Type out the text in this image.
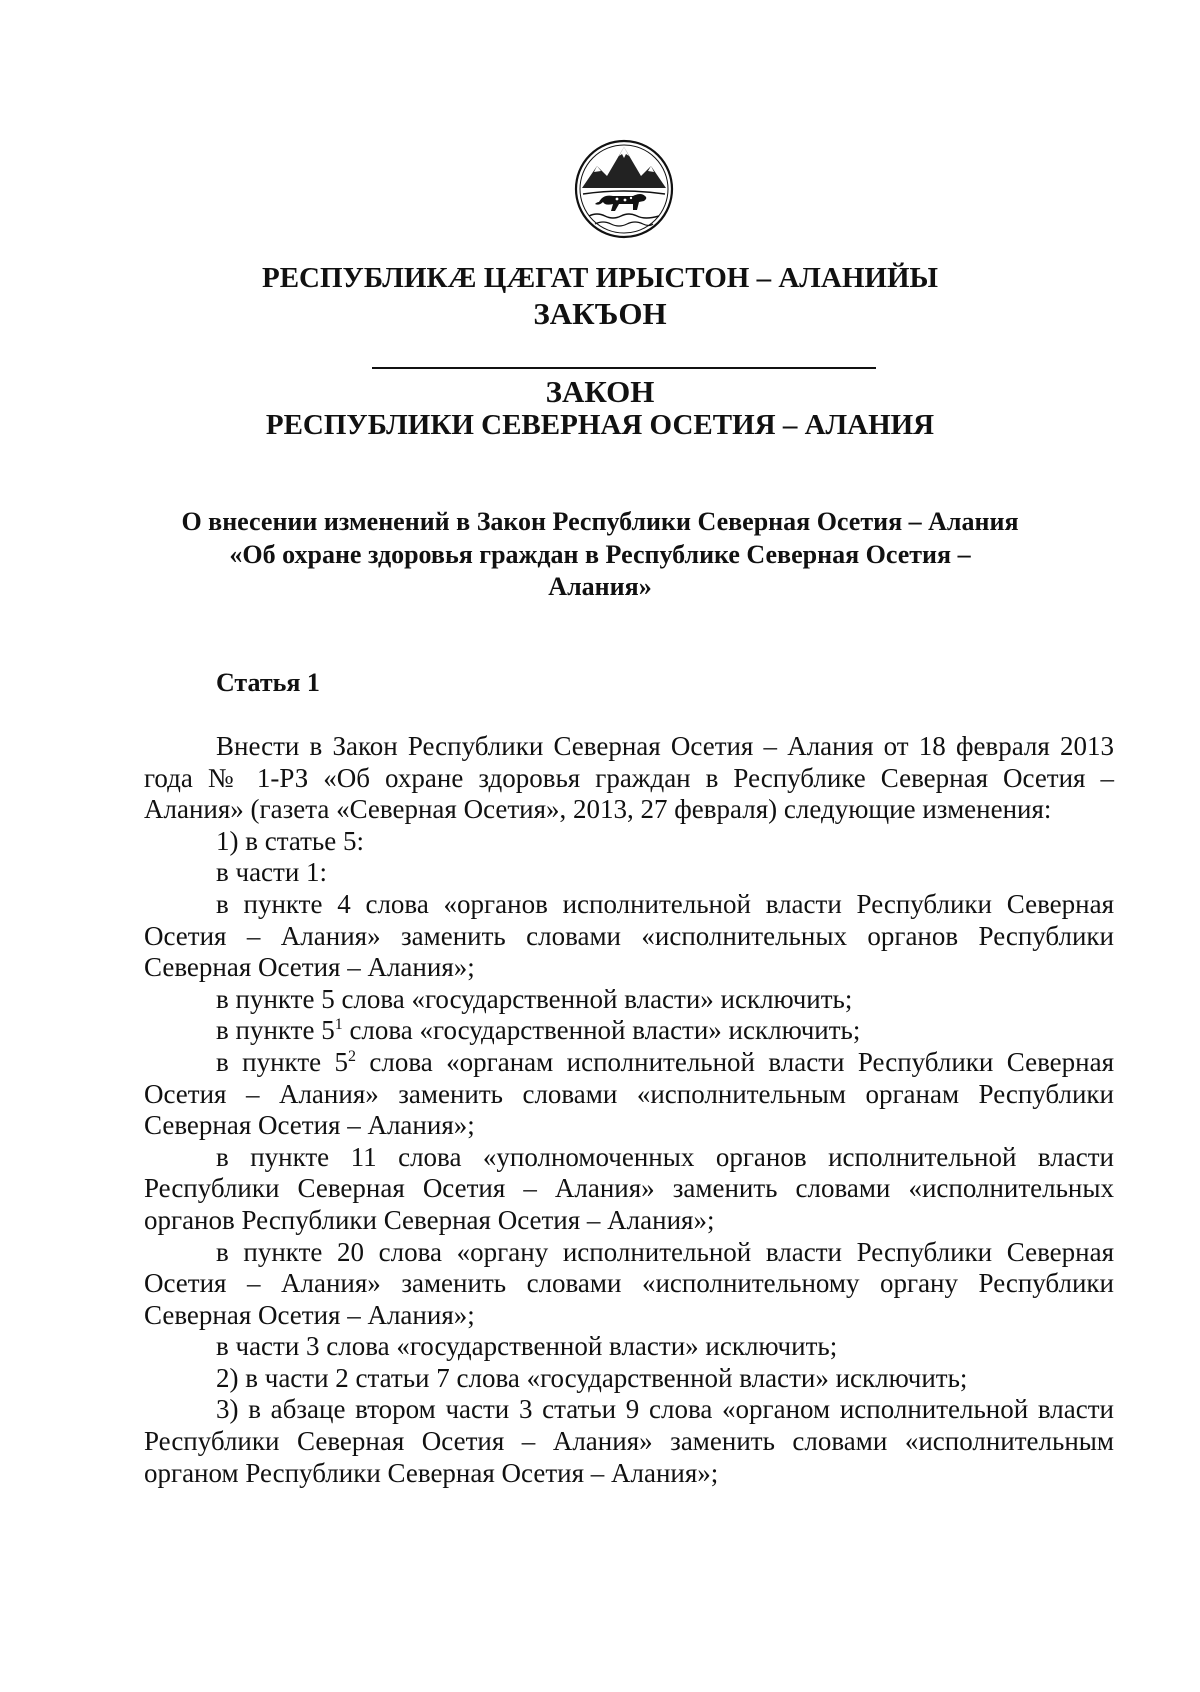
РЕСПУБЛИКÆ ЦÆГАТ ИРЫСТОН – АЛАНИЙЫ
ЗАКЪОН
ЗАКОН
РЕСПУБЛИКИ СЕВЕРНАЯ ОСЕТИЯ – АЛАНИЯ
О внесении изменений в Закон Республики Северная Осетия – Алания «Об охране здоровья граждан в Республике Северная Осетия – Алания»
Статья 1

Внести в Закон Республики Северная Осетия – Алания от 18 февраля 2013 года № 1-РЗ «Об охране здоровья граждан в Республике Северная Осетия – Алания» (газета «Северная Осетия», 2013, 27 февраля) следующие изменения:

1) в статье 5:

в части 1:

в пункте 4 слова «органов исполнительной власти Республики Северная Осетия – Алания» заменить словами «исполнительных органов Республики Северная Осетия – Алания»;

в пункте 5 слова «государственной власти» исключить;

в пункте $5^1$ слова «государственной власти» исключить;

в пункте $5^2$ слова «органам исполнительной власти Республики Северная Осетия – Алания» заменить словами «исполнительным органам Республики Северная Осетия – Алания»;

в пункте 11 слова «уполномоченных органов исполнительной власти Республики Северная Осетия – Алания» заменить словами «исполнительных органов Республики Северная Осетия – Алания»;

в пункте 20 слова «органу исполнительной власти Республики Северная Осетия – Алания» заменить словами «исполнительному органу Республики Северная Осетия – Алания»;

в части 3 слова «государственной власти» исключить;

2) в части 2 статьи 7 слова «государственной власти» исключить;

3) в абзаце втором части 3 статьи 9 слова «органом исполнительной власти Республики Северная Осетия – Алания» заменить словами «исполнительным органом Республики Северная Осетия – Алания»;
